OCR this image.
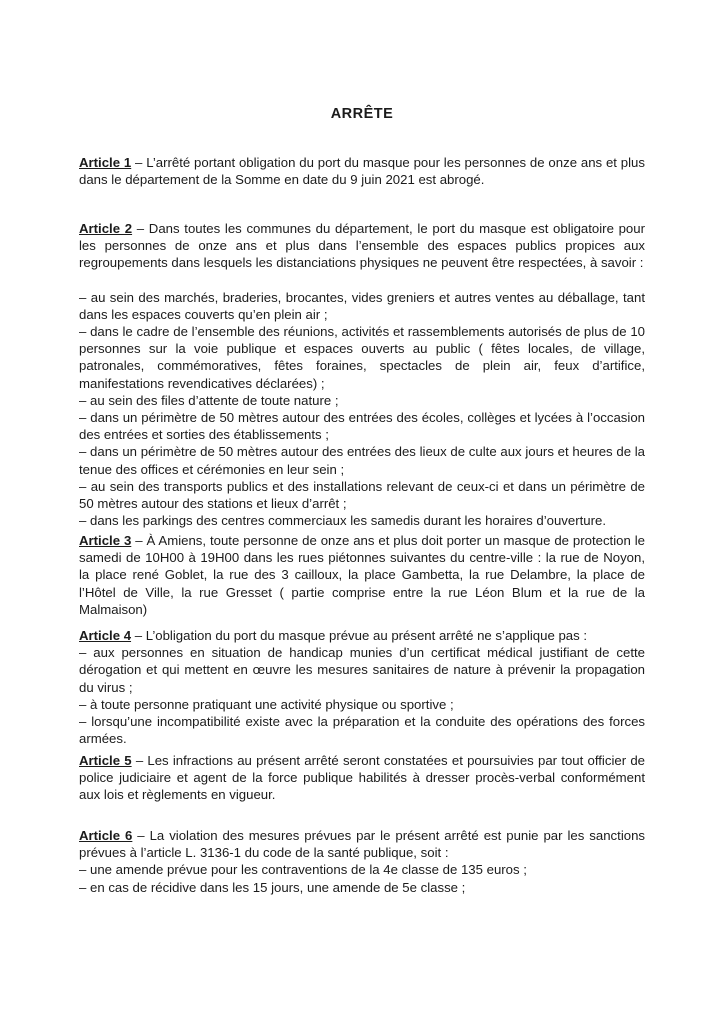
ARRÊTE

Article 1 – L’arrêté portant obligation du port du masque pour les personnes de onze ans et plus dans le département de la Somme en date du 9 juin 2021 est abrogé.

Article 2 – Dans toutes les communes du département, le port du masque est obligatoire pour les personnes de onze ans et plus dans l’ensemble des espaces publics propices aux regroupements dans lesquels les distanciations physiques ne peuvent être respectées, à savoir :

– au sein des marchés, braderies, brocantes, vides greniers et autres ventes au déballage, tant dans les espaces couverts qu’en plein air ;

– dans le cadre de l’ensemble des réunions, activités et rassemblements autorisés de plus de 10 personnes sur la voie publique et espaces ouverts au public ( fêtes locales, de village, patronales, commémoratives, fêtes foraines, spectacles de plein air, feux d’artifice, manifestations revendicatives déclarées) ;

– au sein des files d’attente de toute nature ;

– dans un périmètre de 50 mètres autour des entrées des écoles, collèges et lycées à l’occasion des entrées et sorties des établissements ;

– dans un périmètre de 50 mètres autour des entrées des lieux de culte aux jours et heures de la tenue des offices et cérémonies en leur sein ;

– au sein des transports publics et des installations relevant de ceux-ci et dans un périmètre de 50 mètres autour des stations et lieux d’arrêt ;

– dans les parkings des centres commerciaux les samedis durant les horaires d’ouverture.

Article 3 – À Amiens, toute personne de onze ans et plus doit porter un masque de protection le samedi de 10H00 à 19H00 dans les rues piétonnes suivantes du centre-ville : la rue de Noyon, la place rené Goblet, la rue des 3 cailloux, la place Gambetta, la rue Delambre, la place de l’Hôtel de Ville, la rue Gresset ( partie comprise entre la rue Léon Blum et la rue de la Malmaison)

Article 4 – L’obligation du port du masque prévue au présent arrêté ne s’applique pas :

– aux personnes en situation de handicap munies d’un certificat médical justifiant de cette dérogation et qui mettent en œuvre les mesures sanitaires de nature à prévenir la propagation du virus ;

– à toute personne pratiquant une activité physique ou sportive ;

– lorsqu’une incompatibilité existe avec la préparation et la conduite des opérations des forces armées.

Article 5 – Les infractions au présent arrêté seront constatées et poursuivies par tout officier de police judiciaire et agent de la force publique habilités à dresser procès-verbal conformément aux lois et règlements en vigueur.

Article 6 – La violation des mesures prévues par le présent arrêté est punie par les sanctions prévues à l’article L. 3136-1 du code de la santé publique, soit :

– une amende prévue pour les contraventions de la 4e classe de 135 euros ;

– en cas de récidive dans les 15 jours, une amende de 5e classe ;
